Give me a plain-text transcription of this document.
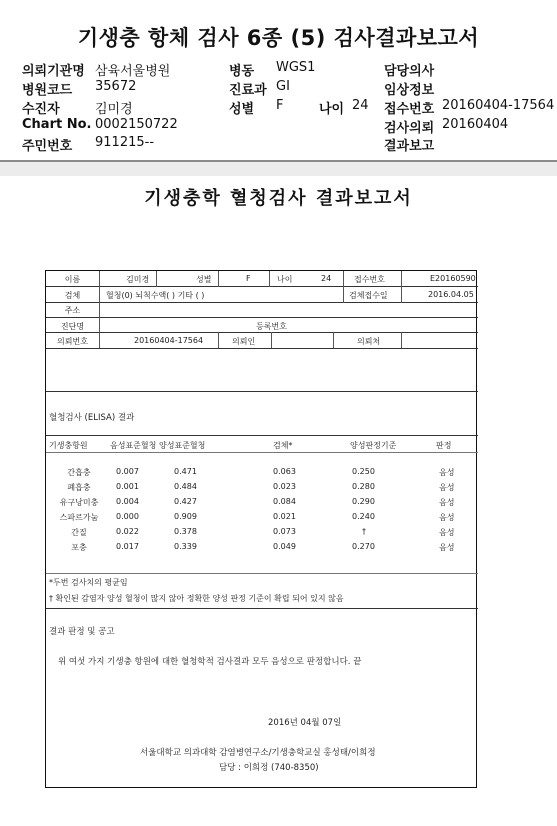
기생충 항체 검사 6종 (5) 검사결과보고서
의뢰기관명 삼육서울병원	병동 WGS1	담당의사
병원코드 35672	진료과 GI	임상정보
수진자	김미경	성별 F	나이 24 접수번호 20160404-17564
Chart No. 0002150722	검사의뢰 20160404
주민번호 911215--	결과보고
기생충학 혈청검사 결과보고서
이름	김미경	성별	F	나이	24	접수번호	E20160590
검체	혈청(0) 뇌척수액( ) 기타 ( )	검체접수일	2016.04.05
주소
진단명	등록번호
의뢰번호	20160404-17564	의뢰인	의뢰처
혈청검사 (ELISA) 결과
기생충항원	음성표준혈청 양성표준혈청	검체*	양성판정기준	판정
간흡충	0.007	0.471	0.063	0.250	음성
폐흡충	0.001	0.484	0.023	0.280	음성
유구낭미충	0.004	0.427	0.084	0.290	음성
스파르가눔	0.000	0.909	0.021	0.240	음성
간질	0.022	0.378	0.073	†	음성
포충	0.017	0.339	0.049	0.270	음성
*두번 검사치의 평균임
† 확인된 감염자 양성 혈청이 많지 않아 정확한 양성 판정 기준이 확립 되어 있지 않음
결과 판정 및 공고
위 여섯 가지 기생충 항원에 대한 혈청학적 검사결과 모두 음성으로 판정합니다. 끝
2016년 04월 07일
서울대학교 의과대학 감염병연구소/기생충학교실 홍성태/이희정
담당 : 이희정 (740-8350)
